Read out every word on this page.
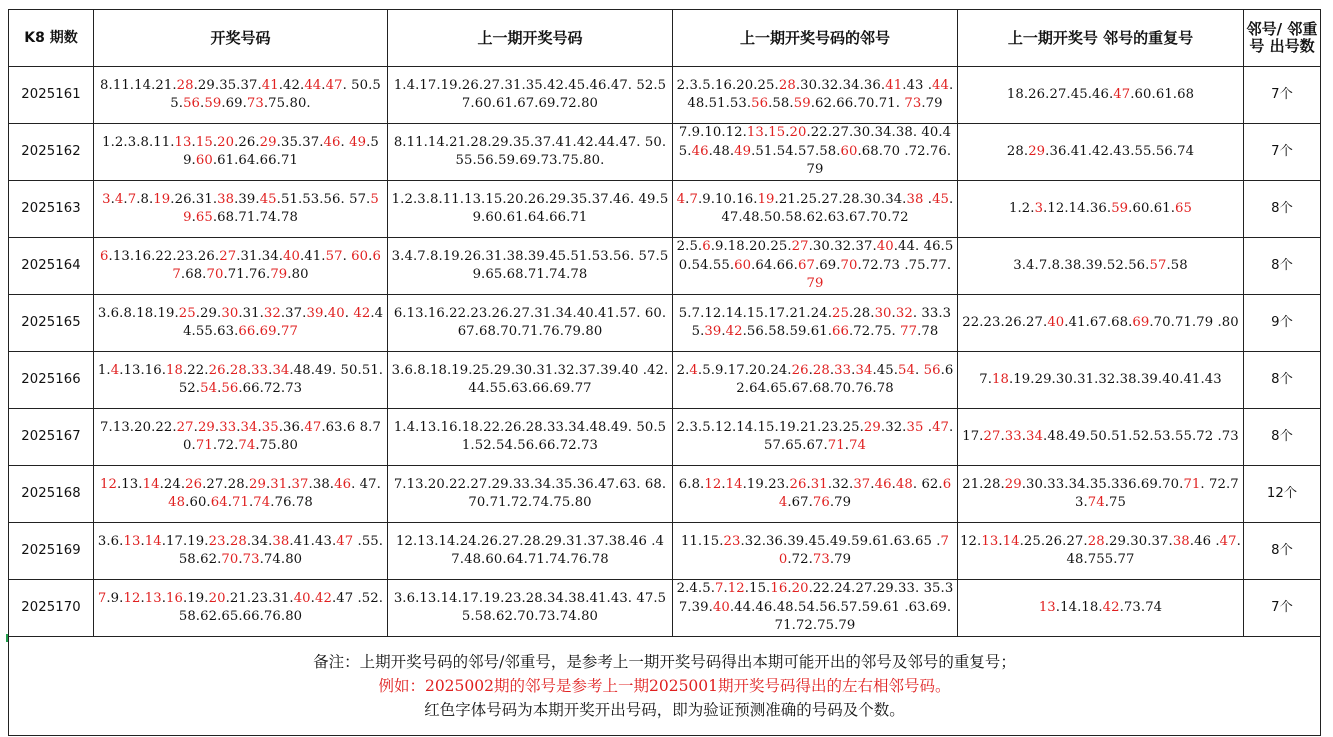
K8 期数	开奖号码	上一期开奖号码	上一期开奖号码的邻号	上一期开奖号 邻号的重复号	邻号/ 邻重号 出号数
2025161	8.11.14.21.28.29.35.37.41.42.44.47. 50.55.56.59.69.73.75.80.	1.4.17.19.26.27.31.35.42.45.46.47. 52.57.60.61.67.69.72.80	2.3.5.16.20.25.28.30.32.34.36.41.43 .44.48.51.53.56.58.59.62.66.70.71. 73.79	18.26.27.45.46.47.60.61.68	7个
2025162	1.2.3.8.11.13.15.20.26.29.35.37.46. 49.59.60.61.64.66.71	8.11.14.21.28.29.35.37.41.42.44.47. 50.55.56.59.69.73.75.80.	7.9.10.12.13.15.20.22.27.30.34.38. 40.45.46.48.49.51.54.57.58.60.68.70 .72.76.79	28.29.36.41.42.43.55.56.74	7个
2025163	3.4.7.8.19.26.31.38.39.45.51.53.56. 57.59.65.68.71.74.78	1.2.3.8.11.13.15.20.26.29.35.37.46. 49.59.60.61.64.66.71	4.7.9.10.16.19.21.25.27.28.30.34.38 .45.47.48.50.58.62.63.67.70.72	1.2.3.12.14.36.59.60.61.65	8个
2025164	6.13.16.22.23.26.27.31.34.40.41.57. 60.67.68.70.71.76.79.80	3.4.7.8.19.26.31.38.39.45.51.53.56. 57.59.65.68.71.74.78	2.5.6.9.18.20.25.27.30.32.37.40.44. 46.50.54.55.60.64.66.67.69.70.72.73 .75.77.79	3.4.7.8.38.39.52.56.57.58	8个
2025165	3.6.8.18.19.25.29.30.31.32.37.39.40. 42.44.55.63.66.69.77	6.13.16.22.23.26.27.31.34.40.41.57. 60.67.68.70.71.76.79.80	5.7.12.14.15.17.21.24.25.28.30.32. 33.35.39.42.56.58.59.61.66.72.75. 77.78	22.23.26.27.40.41.67.68.69.70.71.79 .80	9个
2025166	1.4.13.16.18.22.26.28.33.34.48.49. 50.51.52.54.56.66.72.73	3.6.8.18.19.25.29.30.31.32.37.39.40 .42.44.55.63.66.69.77	2.4.5.9.17.20.24.26.28.33.34.45.54. 56.62.64.65.67.68.70.76.78	7.18.19.29.30.31.32.38.39.40.41.43	8个
2025167	7.13.20.22.27.29.33.34.35.36.47.63.6 8.70.71.72.74.75.80	1.4.13.16.18.22.26.28.33.34.48.49. 50.51.52.54.56.66.72.73	2.3.5.12.14.15.19.21.23.25.29.32.35 .47.57.65.67.71.74	17.27.33.34.48.49.50.51.52.53.55.72 .73	8个
2025168	12.13.14.24.26.27.28.29.31.37.38.46. 47.48.60.64.71.74.76.78	7.13.20.22.27.29.33.34.35.36.47.63. 68.70.71.72.74.75.80	6.8.12.14.19.23.26.31.32.37.46.48. 62.64.67.76.79	21.28.29.30.33.34.35.336.69.70.71. 72.73.74.75	12个
2025169	3.6.13.14.17.19.23.28.34.38.41.43.47 .55.58.62.70.73.74.80	12.13.14.24.26.27.28.29.31.37.38.46 .47.48.60.64.71.74.76.78	11.15.23.32.36.39.45.49.59.61.63.65 .70.72.73.79	12.13.14.25.26.27.28.29.30.37.38.46 .47.48.755.77	8个
2025170	7.9.12.13.16.19.20.21.23.31.40.42.47 .52.58.62.65.66.76.80	3.6.13.14.17.19.23.28.34.38.41.43. 47.55.58.62.70.73.74.80	2.4.5.7.12.15.16.20.22.24.27.29.33. 35.37.39.40.44.46.48.54.56.57.59.61 .63.69.71.72.75.79	13.14.18.42.73.74	7个

备注：上期开奖号码的邻号/邻重号，是参考上一期开奖号码得出本期可能开出的邻号及邻号的重复号；
例如：2025002期的邻号是参考上一期2025001期开奖号码得出的左右相邻号码。
红色字体号码为本期开奖开出号码，即为验证预测准确的号码及个数。					
